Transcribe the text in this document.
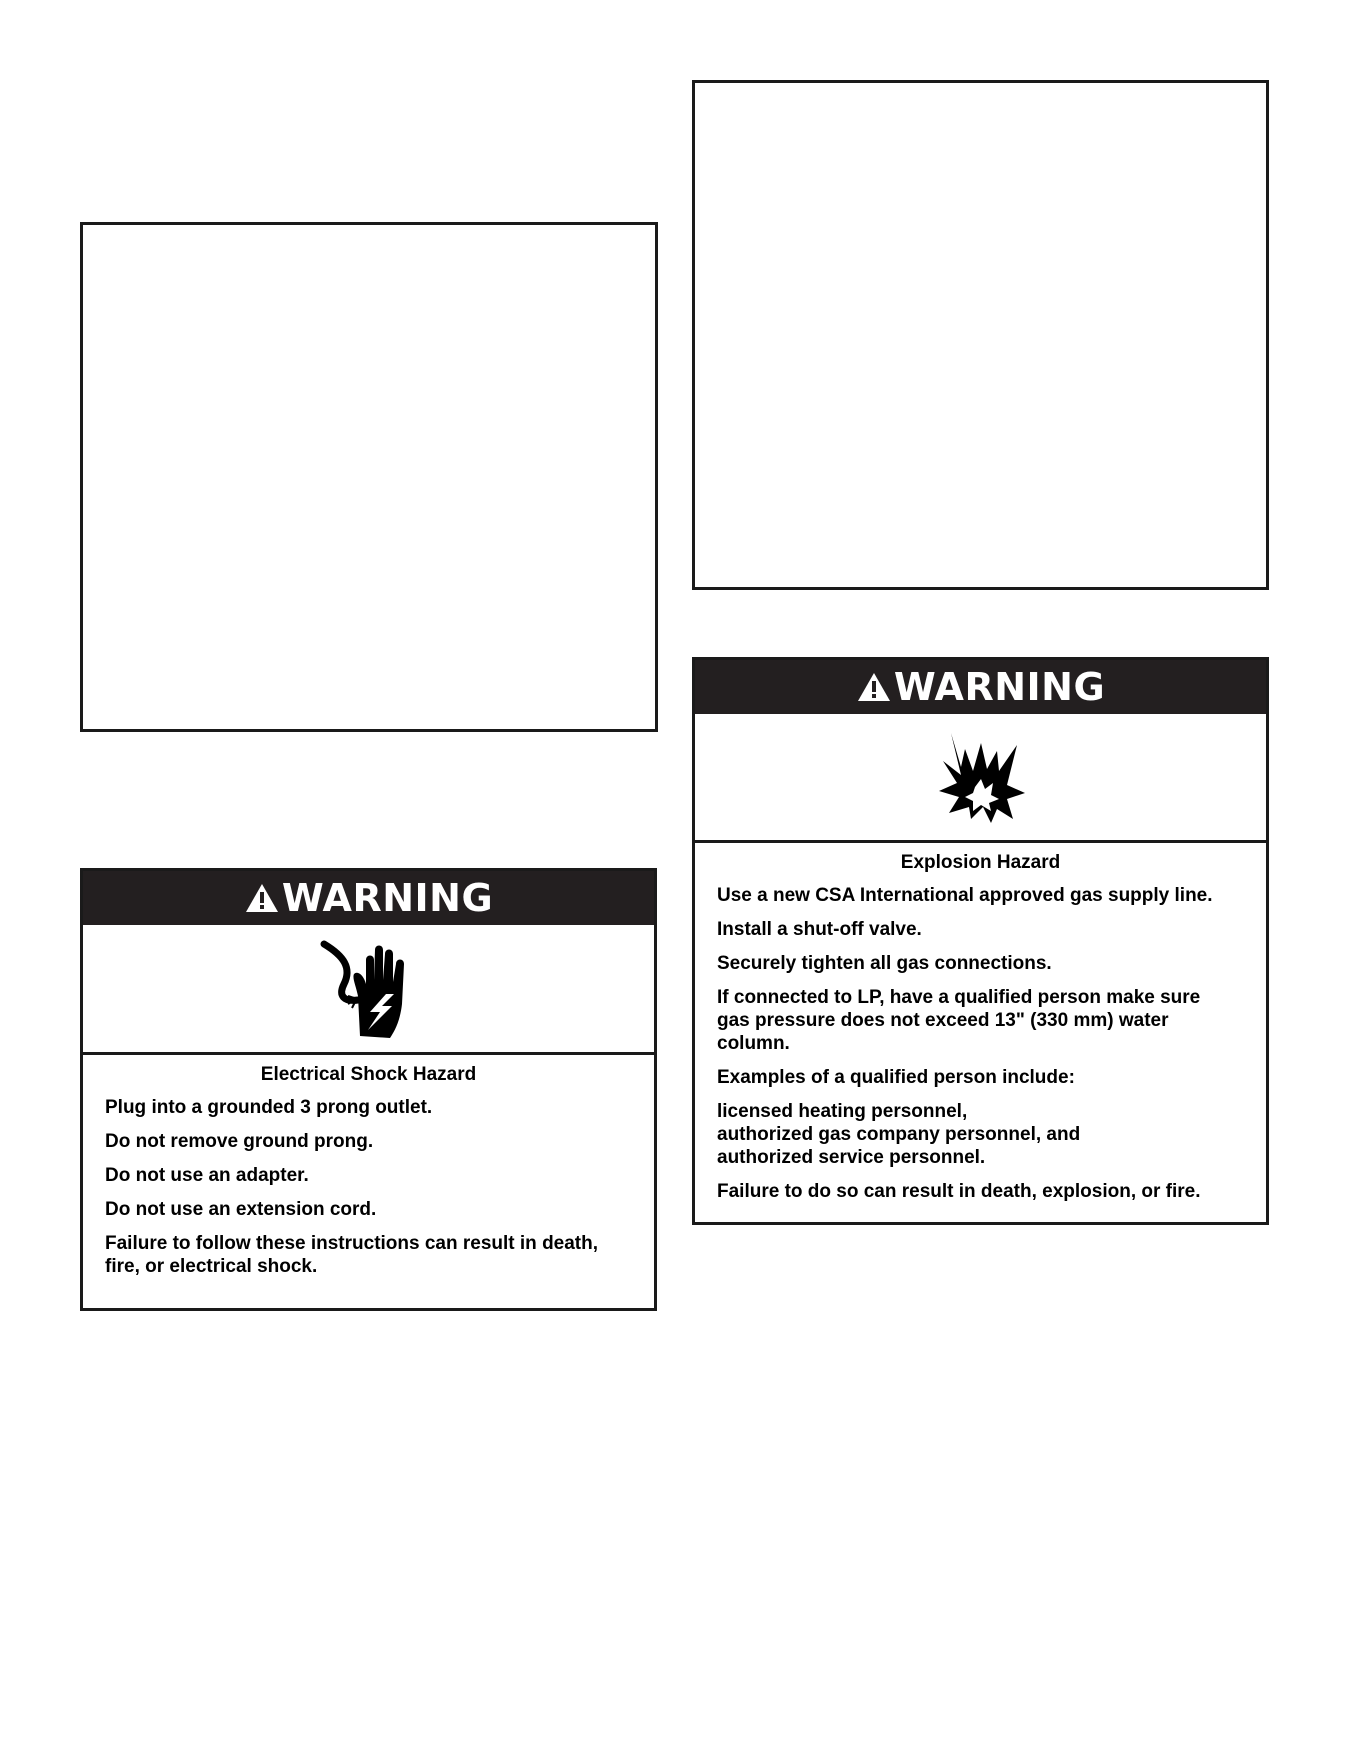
WARNING
Electrical Shock Hazard
Plug into a grounded 3 prong outlet.
Do not remove ground prong.
Do not use an adapter.
Do not use an extension cord.
Failure to follow these instructions can result in death,
fire, or electrical shock.
WARNING
Explosion Hazard
Use a new CSA International approved gas supply line.
Install a shut-off valve.
Securely tighten all gas connections.
If connected to LP, have a qualified person make sure
gas pressure does not exceed 13" (330 mm) water
column.
Examples of a qualified person include:
licensed heating personnel,
authorized gas company personnel, and
authorized service personnel.
Failure to do so can result in death, explosion, or fire.
